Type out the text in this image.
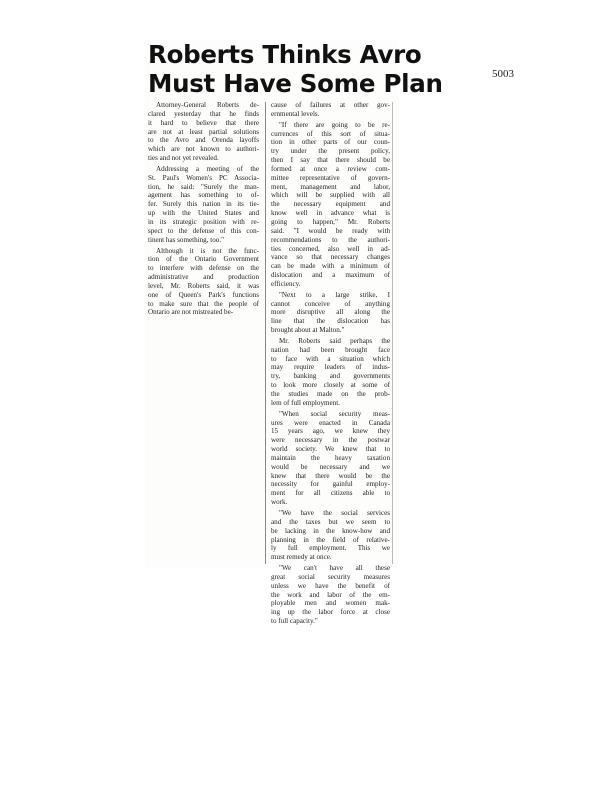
5003
Roberts Thinks Avro
Must Have Some Plan

Attorney-General Roberts de-
clared yesterday that he finds
it hard to believe that there
are not at least partial solutions
to the Avro and Orenda layoffs
which are not known to authori-
ties and not yet revealed.

Addressing a meeting of the
St. Paul's Women's PC Associa-
tion, he said: "Surely the man-
agement has something to of-
fer. Surely this nation in its tie-
up with the United States and
in its strategic position with re-
spect to the defense of this con-
tinent has something, too."

Although it is not the func-
tion of the Ontario Government
to interfere with defense on the
administrative and production
level, Mr. Roberts said, it was
one of Queen's Park's functions
to make sure that the people of
Ontario are not mistreated be-

cause of failures at other gov-
ernmental levels.

"If there are going to be re-
currences of this sort of situa-
tion in other parts of our coun-
try under the present policy,
then I say that there should be
formed at once a review com-
mittee representative of govern-
ment, management and labor,
which will be supplied with all
the necessary equipment and
know well in advance what is
going to happen," Mr. Roberts
said. "I would be ready with
recommendations to the authori-
ties concerned, also well in ad-
vance so that necessary changes
can be made with a minimum of
dislocation and a maximum of
efficiency.

"Next to a large strike, I
cannot conceive of anything
more disruptive all along the
line that the dislocation has
brought about at Malton."

Mr. Roberts said perhaps the
nation had been brought face
to face with a situation which
may require leaders of indus-
try, banking and governments
to look more closely at some of
the studies made on the prob-
lem of full employment.

"When social security meas-
ures were enacted in Canada
15 years ago, we knew they
were necessary in the postwar
world society. We knew that to
maintain the heavy taxation
would be necessary and we
knew that there would be the
necessity for gainful employ-
ment for all citizens able to
work.

"We have the social services
and the taxes but we seem to
be lacking in the know-how and
planning in the field of relative-
ly full employment. This we
must remedy at once.

"We can't have all these
great social security measures
unless we have the benefit of
the work and labor of the em-
ployable men and women mak-
ing up the labor force at close
to full capacity."
